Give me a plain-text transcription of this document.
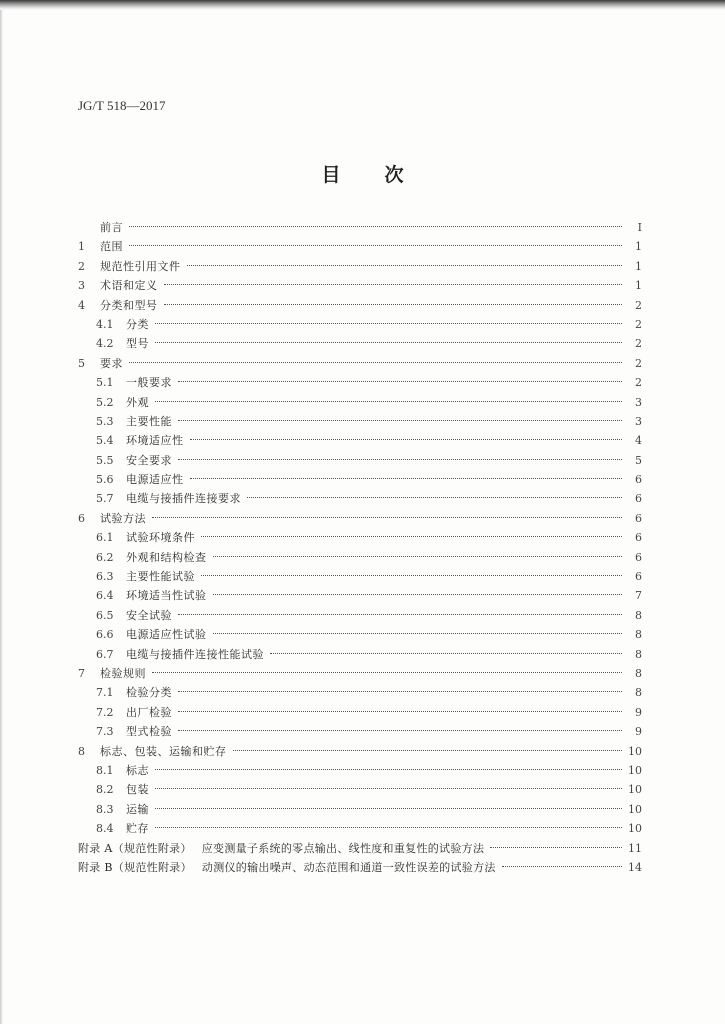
JG/T 518—2017
目次
前言	Ⅰ
1	范围	1
2	规范性引用文件	1
3	术语和定义	1
4	分类和型号	2
4.1	分类	2
4.2	型号	2
5	要求	2
5.1	一般要求	2
5.2	外观	3
5.3	主要性能	3
5.4	环境适应性	4
5.5	安全要求	5
5.6	电源适应性	6
5.7	电缆与接插件连接要求	6
6	试验方法	6
6.1	试验环境条件	6
6.2	外观和结构检查	6
6.3	主要性能试验	6
6.4	环境适当性试验	7
6.5	安全试验	8
6.6	电源适应性试验	8
6.7	电缆与接插件连接性能试验	8
7	检验规则	8
7.1	检验分类	8
7.2	出厂检验	9
7.3	型式检验	9
8	标志、包装、运输和贮存	10
8.1	标志	10
8.2	包装	10
8.3	运输	10
8.4	贮存	10
附录 A（规范性附录） 应变测量子系统的零点输出、线性度和重复性的试验方法	11
附录 B（规范性附录） 动测仪的输出噪声、动态范围和通道一致性误差的试验方法	14
